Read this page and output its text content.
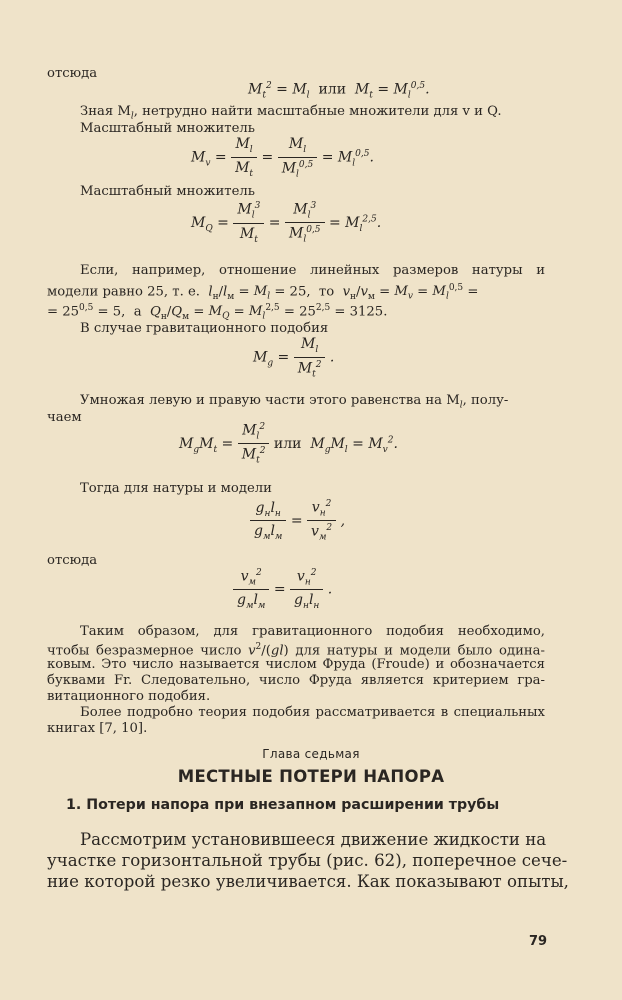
отсюда
$M_t^2 = M_l$ или  $M_t = M_l^{0,5}$.
Зная $M_l$, нетрудно найти масштабные множители для v и Q.
Масштабный множитель
$M_v = \frac{M_l}{M_t} = \frac{M_l}{M_l^{0,5}} = M_l^{0,5}$.
Масштабный множитель
$M_Q = \frac{M_l^3}{M_t} = \frac{M_l^3}{M_l^{0,5}} = M_l^{2,5}$.
Если, например, отношение линейных размеров натуры и
модели равно 25, т. е. $l_н/l_м = M_l = 25$,  то $v_н/v_м = M_v = M_l^{0,5}$ =
= $25^{0,5} = 5$,  а $Q_н/Q_м = M_Q = M_l^{2,5} = 25^{2,5} = 3125$.
В случае гравитационного подобия
$M_g = \frac{M_l}{M_t^2}$ .
Умножая левую и правую части этого равенства на $M_l$, полу-
чаем
$M_gM_t = \frac{M_l^2}{M_t^2}$ или  $M_gM_l = M_v^2$.
Тогда для натуры и модели
$\frac{g_нl_н}{g_мl_м} = \frac{v_н^2}{v_м^2}$ ,
отсюда
$\frac{v_м^2}{g_мl_м} = \frac{v_н^2}{g_нl_н}$ .
Таким образом, для гравитационного подобия необходимо,
чтобы безразмерное число $v^2/(gl)$ для натуры и модели было одина-
ковым. Это число называется числом Фруда (Froude) и обозначается
буквами Fr. Следовательно, число Фруда является критерием гра-
витационного подобия.
Более подробно теория подобия рассматривается в специальных
книгах [7, 10].
Глава седьмая
МЕСТНЫЕ ПОТЕРИ НАПОРА
1. Потери напора при внезапном расширении трубы
Рассмотрим установившееся движение жидкости на
участке горизонтальной трубы (рис. 62), поперечное сече-
ние которой резко увеличивается. Как показывают опыты,
79
